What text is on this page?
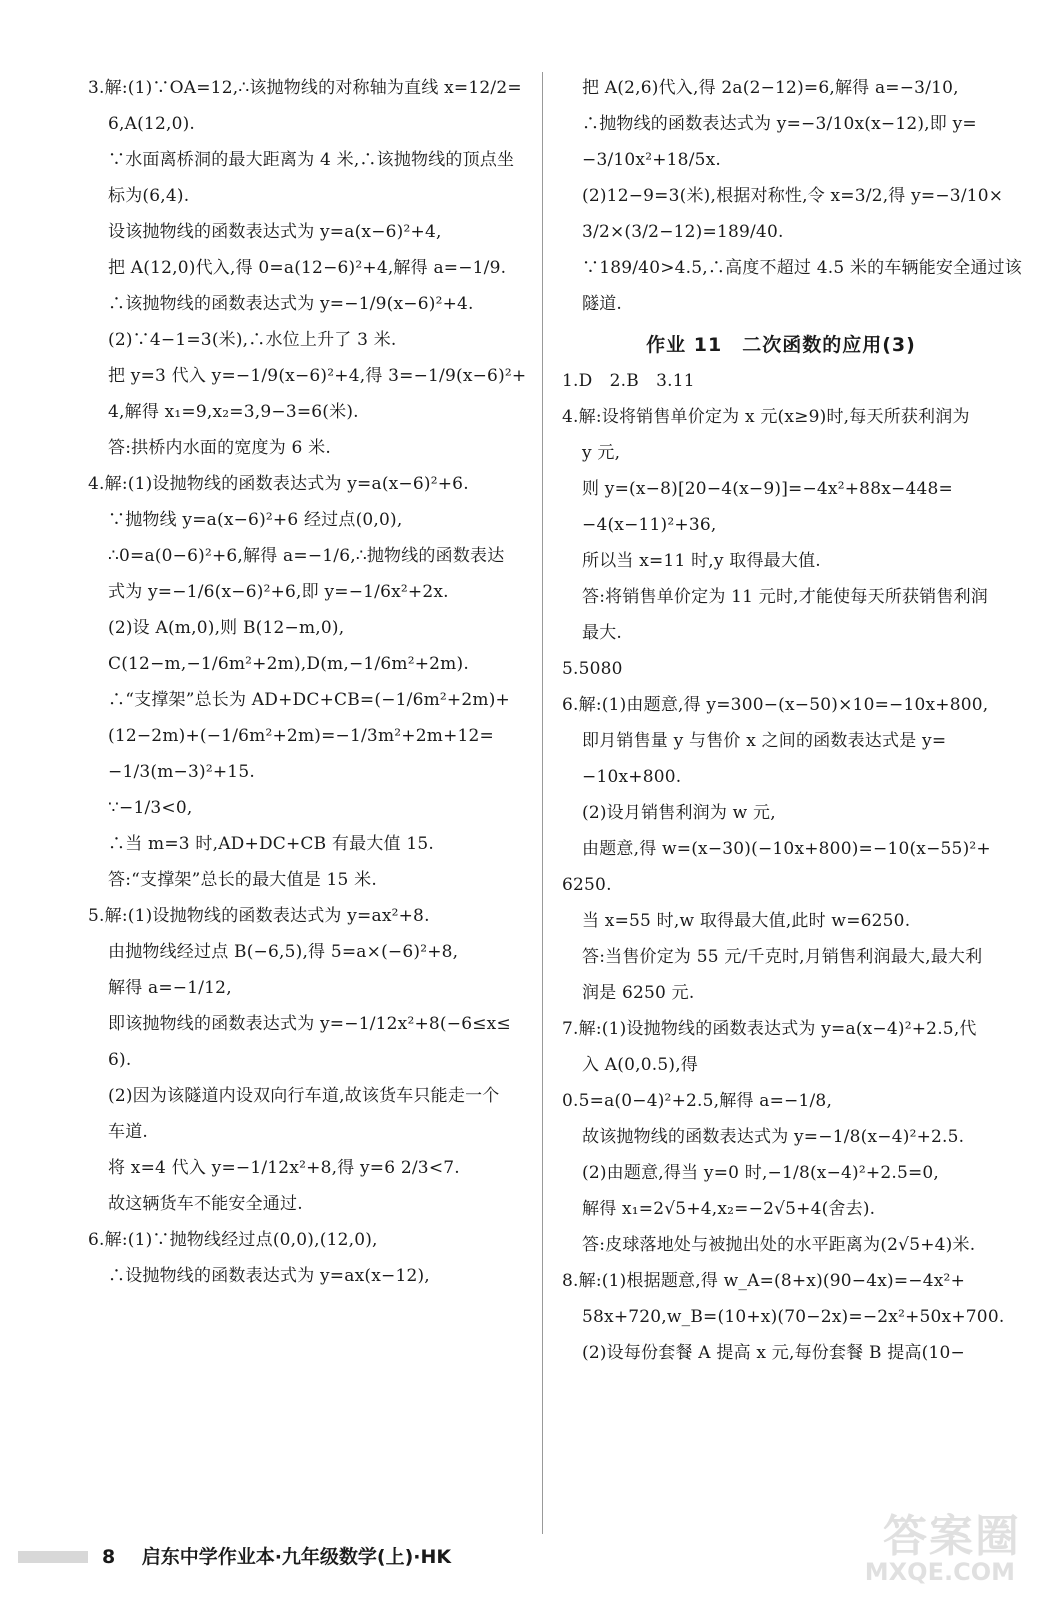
3.解:(1)∵OA=12,∴该抛物线的对称轴为直线 x=12/2=
6,A(12,0).
∵水面离桥洞的最大距离为 4 米,∴该抛物线的顶点坐
标为(6,4).
设该抛物线的函数表达式为 y=a(x−6)²+4,
把 A(12,0)代入,得 0=a(12−6)²+4,解得 a=−1/9.
∴该抛物线的函数表达式为 y=−1/9(x−6)²+4.
(2)∵4−1=3(米),∴水位上升了 3 米.
把 y=3 代入 y=−1/9(x−6)²+4,得 3=−1/9(x−6)²+
4,解得 x₁=9,x₂=3,9−3=6(米).
答:拱桥内水面的宽度为 6 米.
4.解:(1)设抛物线的函数表达式为 y=a(x−6)²+6.
∵抛物线 y=a(x−6)²+6 经过点(0,0),
∴0=a(0−6)²+6,解得 a=−1/6,∴抛物线的函数表达
式为 y=−1/6(x−6)²+6,即 y=−1/6x²+2x.
(2)设 A(m,0),则 B(12−m,0),
C(12−m,−1/6m²+2m),D(m,−1/6m²+2m).
∴“支撑架”总长为 AD+DC+CB=(−1/6m²+2m)+
(12−2m)+(−1/6m²+2m)=−1/3m²+2m+12=
−1/3(m−3)²+15.
∵−1/3<0,
∴当 m=3 时,AD+DC+CB 有最大值 15.
答:“支撑架”总长的最大值是 15 米.
5.解:(1)设抛物线的函数表达式为 y=ax²+8.
由抛物线经过点 B(−6,5),得 5=a×(−6)²+8,
解得 a=−1/12,
即该抛物线的函数表达式为 y=−1/12x²+8(−6≤x≤
6).
(2)因为该隧道内设双向行车道,故该货车只能走一个
车道.
将 x=4 代入 y=−1/12x²+8,得 y=6 2/3<7.
故这辆货车不能安全通过.
6.解:(1)∵抛物线经过点(0,0),(12,0),
∴设抛物线的函数表达式为 y=ax(x−12),
把 A(2,6)代入,得 2a(2−12)=6,解得 a=−3/10,
∴抛物线的函数表达式为 y=−3/10x(x−12),即 y=
−3/10x²+18/5x.
(2)12−9=3(米),根据对称性,令 x=3/2,得 y=−3/10×
3/2×(3/2−12)=189/40.
∵189/40>4.5,∴高度不超过 4.5 米的车辆能安全通过该
隧道.
作业 11　二次函数的应用(3)
1.D　2.B　3.11
4.解:设将销售单价定为 x 元(x≥9)时,每天所获利润为
y 元,
则 y=(x−8)[20−4(x−9)]=−4x²+88x−448=
−4(x−11)²+36,
所以当 x=11 时,y 取得最大值.
答:将销售单价定为 11 元时,才能使每天所获销售利润
最大.
5.5080
6.解:(1)由题意,得 y=300−(x−50)×10=−10x+800,
即月销售量 y 与售价 x 之间的函数表达式是 y=
−10x+800.
(2)设月销售利润为 w 元,
由题意,得 w=(x−30)(−10x+800)=−10(x−55)²+
6250.
当 x=55 时,w 取得最大值,此时 w=6250.
答:当售价定为 55 元/千克时,月销售利润最大,最大利
润是 6250 元.
7.解:(1)设抛物线的函数表达式为 y=a(x−4)²+2.5,代
入 A(0,0.5),得
0.5=a(0−4)²+2.5,解得 a=−1/8,
故该抛物线的函数表达式为 y=−1/8(x−4)²+2.5.
(2)由题意,得当 y=0 时,−1/8(x−4)²+2.5=0,
解得 x₁=2√5+4,x₂=−2√5+4(舍去).
答:皮球落地处与被抛出处的水平距离为(2√5+4)米.
8.解:(1)根据题意,得 w_A=(8+x)(90−4x)=−4x²+
58x+720,w_B=(10+x)(70−2x)=−2x²+50x+700.
(2)设每份套餐 A 提高 x 元,每份套餐 B 提高(10−
8 启东中学作业本·九年级数学(上)·HK	答案圈
MXQE.COM
